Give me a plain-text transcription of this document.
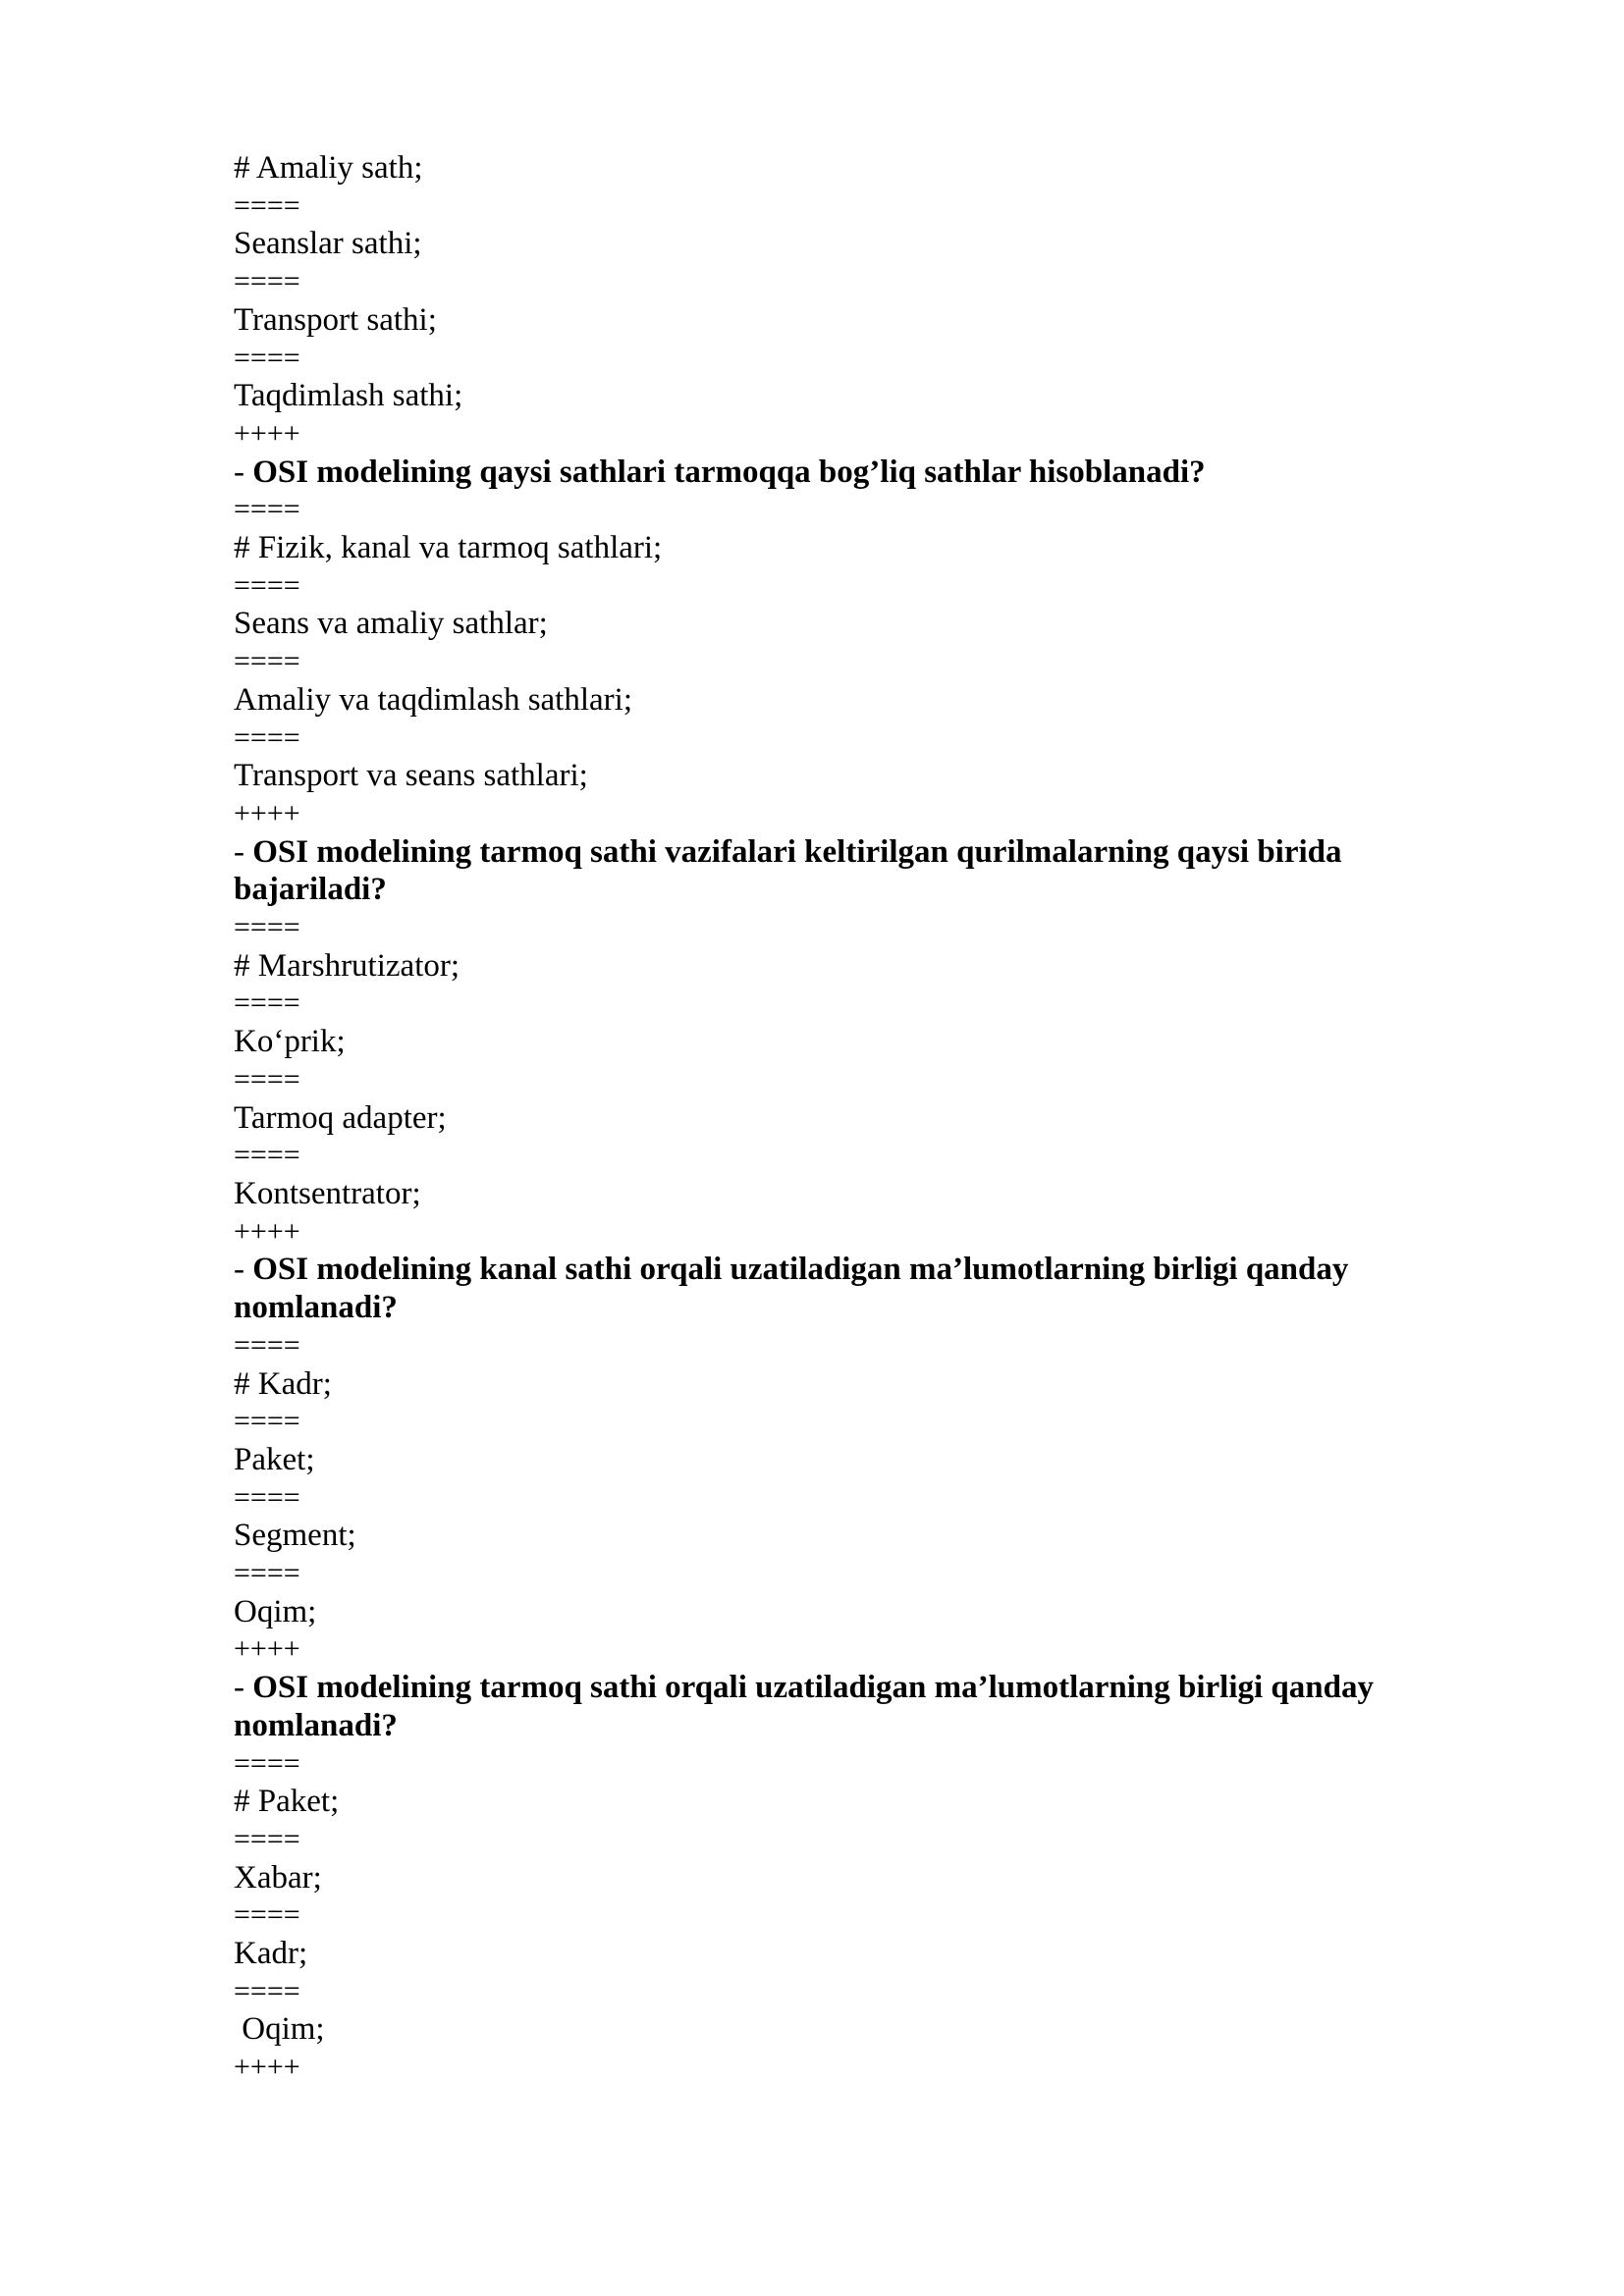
# Amaliy sath;
====
Seanslar sathi;
====
Transport sathi;
====
Taqdimlash sathi;
++++
- OSI modelining qaysi sathlari tarmoqqa bog’liq sathlar hisoblanadi?
====
# Fizik, kanal va tarmoq sathlari;
====
Seans va amaliy sathlar;
====
Amaliy va taqdimlash sathlari;
====
Transport va seans sathlari;
++++
- OSI modelining tarmoq sathi vazifalari keltirilgan qurilmalarning qaysi birida bajariladi?
====
# Marshrutizator;
====
Ko‘prik;
====
Tarmoq adapter;
====
Kontsentrator;
++++
- OSI modelining kanal sathi orqali uzatiladigan ma’lumotlarning birligi qanday nomlanadi?
====
# Kadr;
====
Paket;
====
Segment;
====
Oqim;
++++
- OSI modelining tarmoq sathi orqali uzatiladigan ma’lumotlarning birligi qanday nomlanadi?
====
# Paket;
====
Xabar;
====
Kadr;
====
Oqim;
++++
